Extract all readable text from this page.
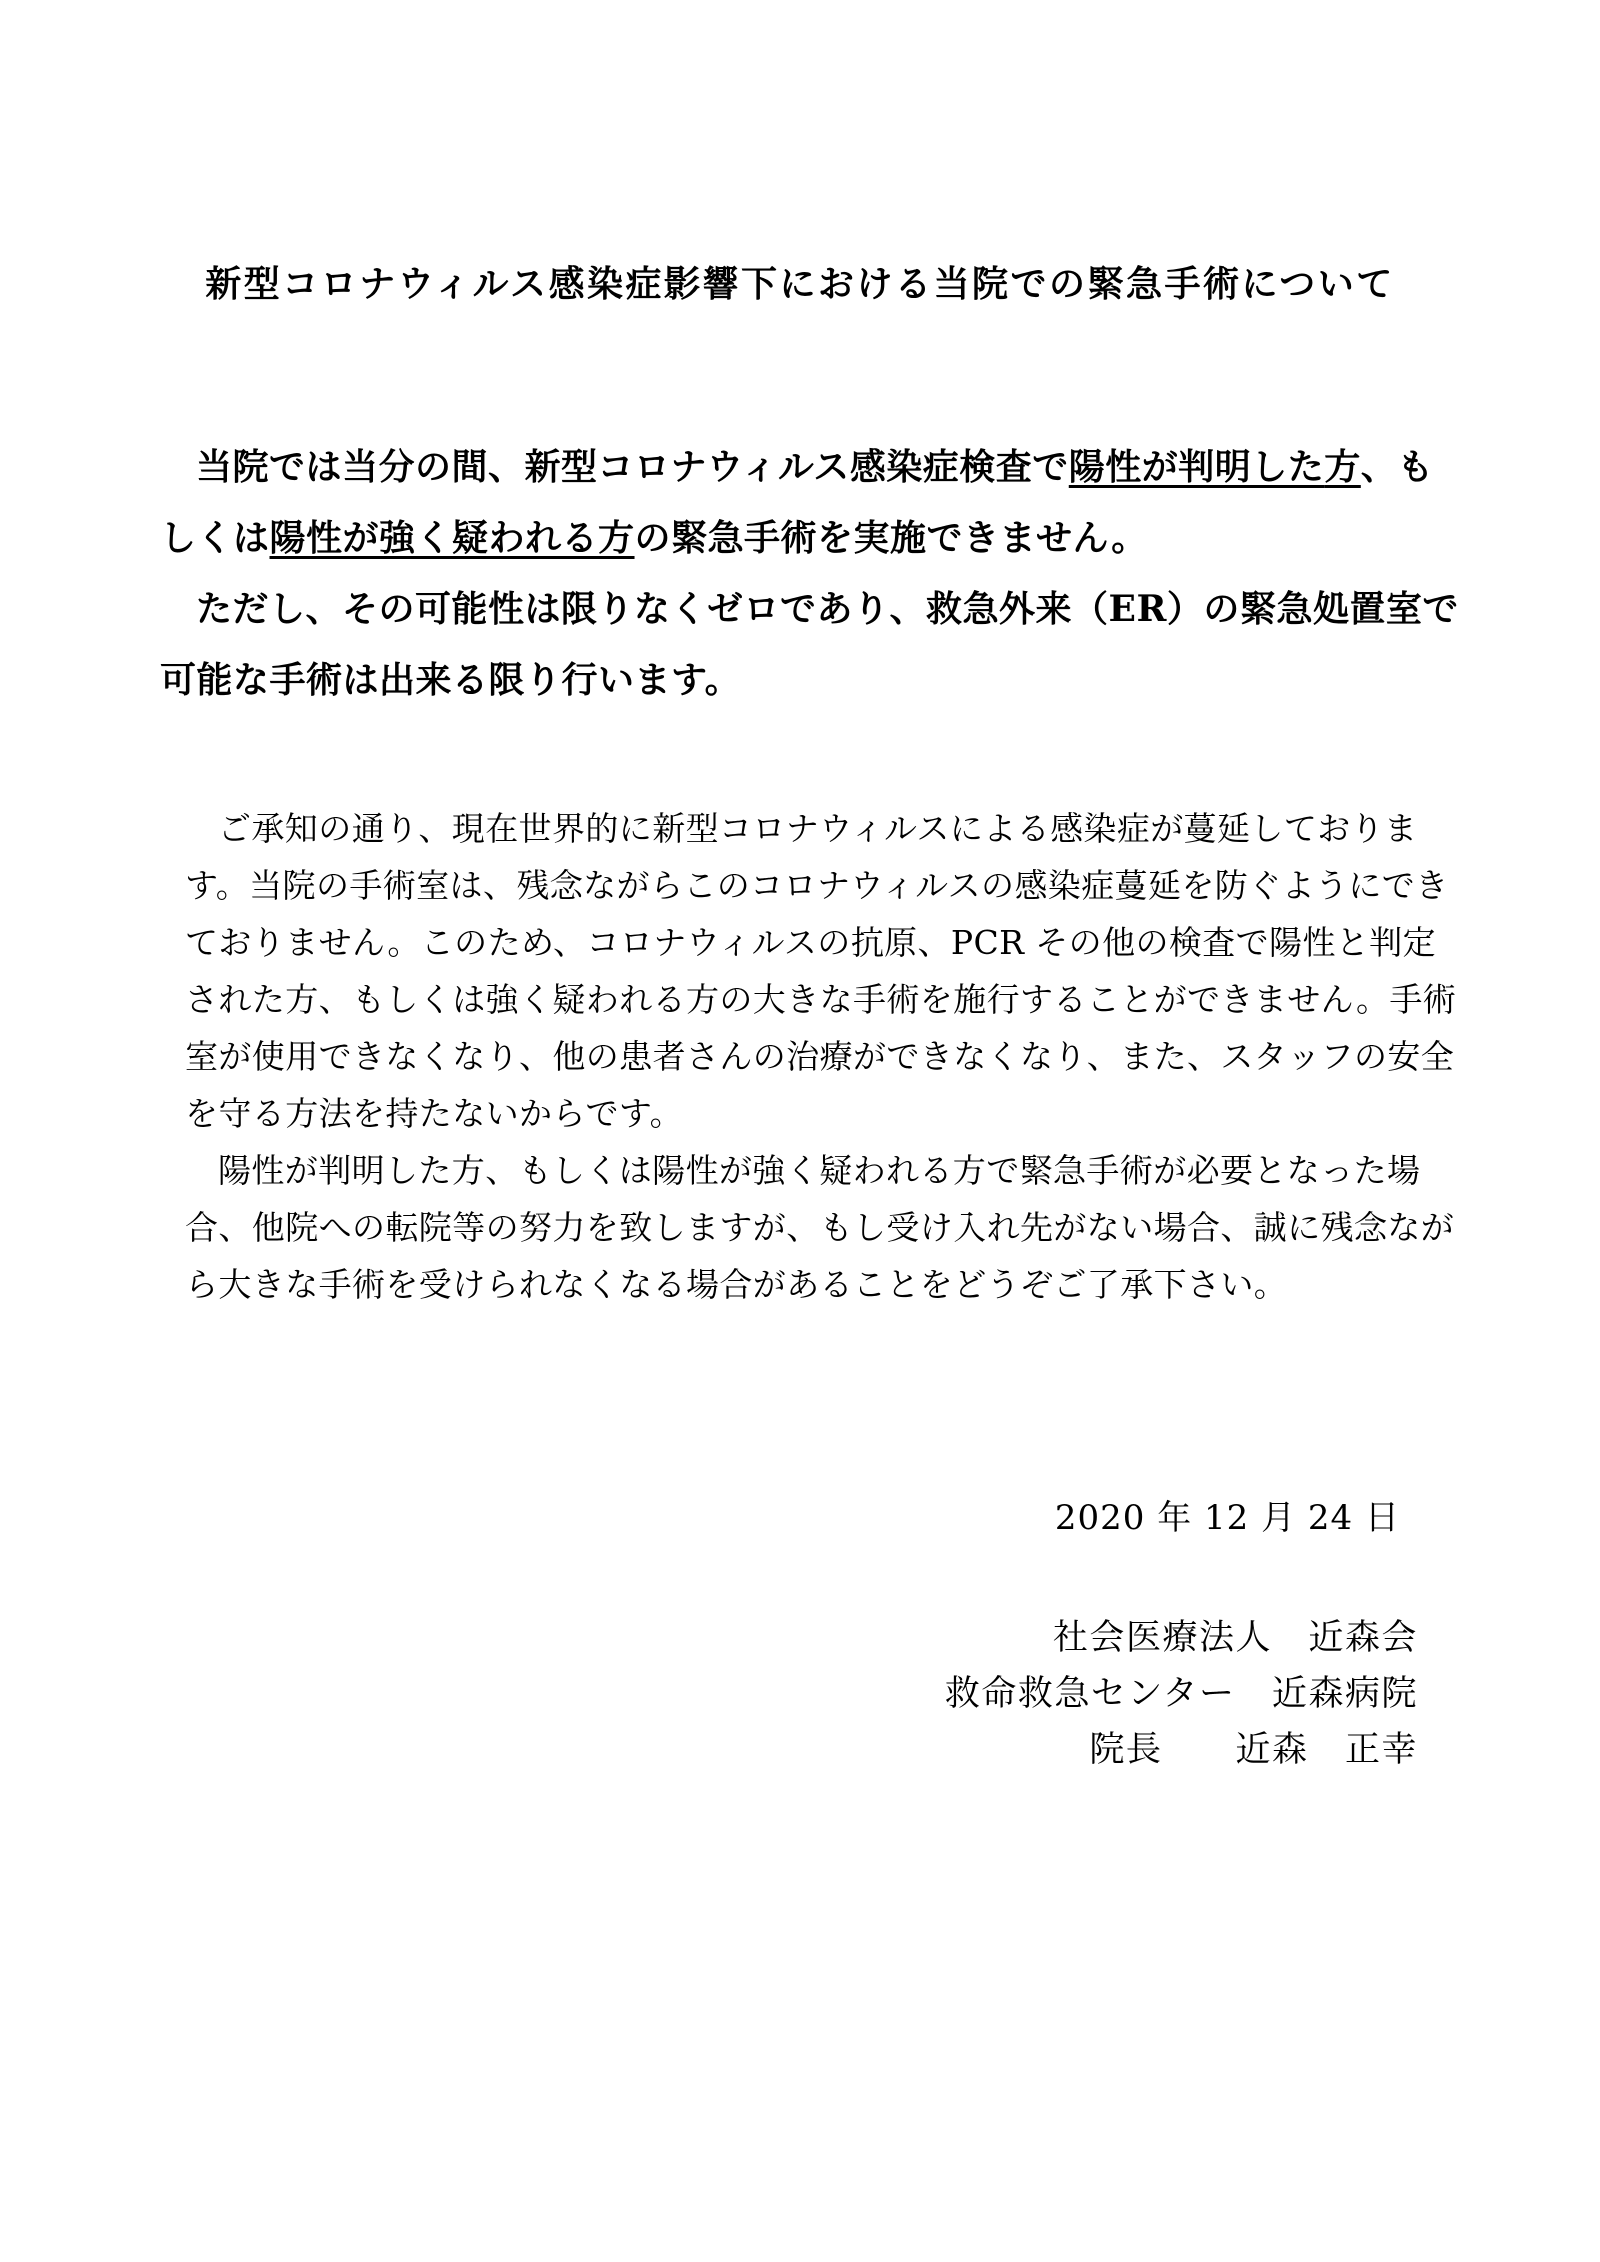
新型コロナウィルス感染症影響下における当院での緊急手術について

当院では当分の間、新型コロナウィルス感染症検査で陽性が判明した方、もしくは陽性が強く疑われる方の緊急手術を実施できません。

ただし、その可能性は限りなくゼロであり、救急外来（ER）の緊急処置室で可能な手術は出来る限り行います。

ご承知の通り、現在世界的に新型コロナウィルスによる感染症が蔓延しております。当院の手術室は、残念ながらこのコロナウィルスの感染症蔓延を防ぐようにできておりません。このため、コロナウィルスの抗原、PCR その他の検査で陽性と判定された方、もしくは強く疑われる方の大きな手術を施行することができません。手術室が使用できなくなり、他の患者さんの治療ができなくなり、また、スタッフの安全を守る方法を持たないからです。

陽性が判明した方、もしくは陽性が強く疑われる方で緊急手術が必要となった場合、他院への転院等の努力を致しますが、もし受け入れ先がない場合、誠に残念ながら大きな手術を受けられなくなる場合があることをどうぞご了承下さい。

2020 年 12 月 24 日
社会医療法人　近森会
救命救急センター　近森病院
院長　　近森　正幸
